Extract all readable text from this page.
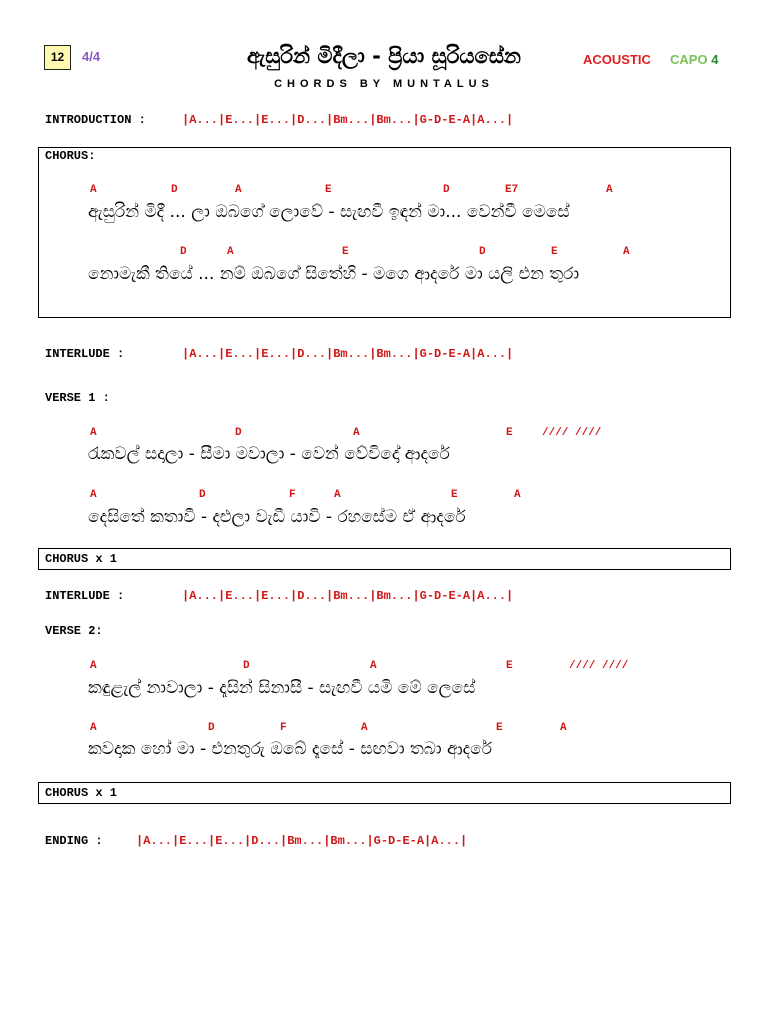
12	4/4	ඇසුරින් මිදීලා - ප්‍රියා සූරියසේන
CHORDS BY MUNTALUS
ACOUSTIC CAPO 4
INTRODUCTION :	|A...|E...|E...|D...|Bm...|Bm...|G-D-E-A|A...|
CHORUS:
A	D	A	E	D	E7	A
ඇසුරින් මිදී ... ලා ඔබගේ ලොවේ - සැඟවී ඉඳන් මා... වෙන්වී මෙසේ
D	A	E	D	E	A
නොමැකී තියේ ... නම් ඔබගේ සිතේහි - මගෙ ආදරේ මා යලි එන තුරා
INTERLUDE :	|A...|E...|E...|D...|Bm...|Bm...|G-D-E-A|A...|
VERSE 1 :
A	D	A	E	//// ////
රැකවල් සදාලා - සීමා මවාලා - වෙන් වේවිදෝ ආදරේ
A	D	F	A	E	A
දෙසිතේ කතාවී - දළුලා වැඩී යාවි - රහසේම ඒ ආදරේ
CHORUS x 1
INTERLUDE :	|A...|E...|E...|D...|Bm...|Bm...|G-D-E-A|A...|
VERSE 2:
A	D	A	E	//// ////
කඳුළැල් නාවාලා - දෑසින් සිනාසී - සැඟවී යමි මේ ලෙසේ
A	D	F	A	E	A
කවදාක හෝ මා - එනතුරු ඔබේ දෑසේ - සඟවා තබා ආදරේ
CHORUS x 1
ENDING :	|A...|E...|E...|D...|Bm...|Bm...|G-D-E-A|A...|
